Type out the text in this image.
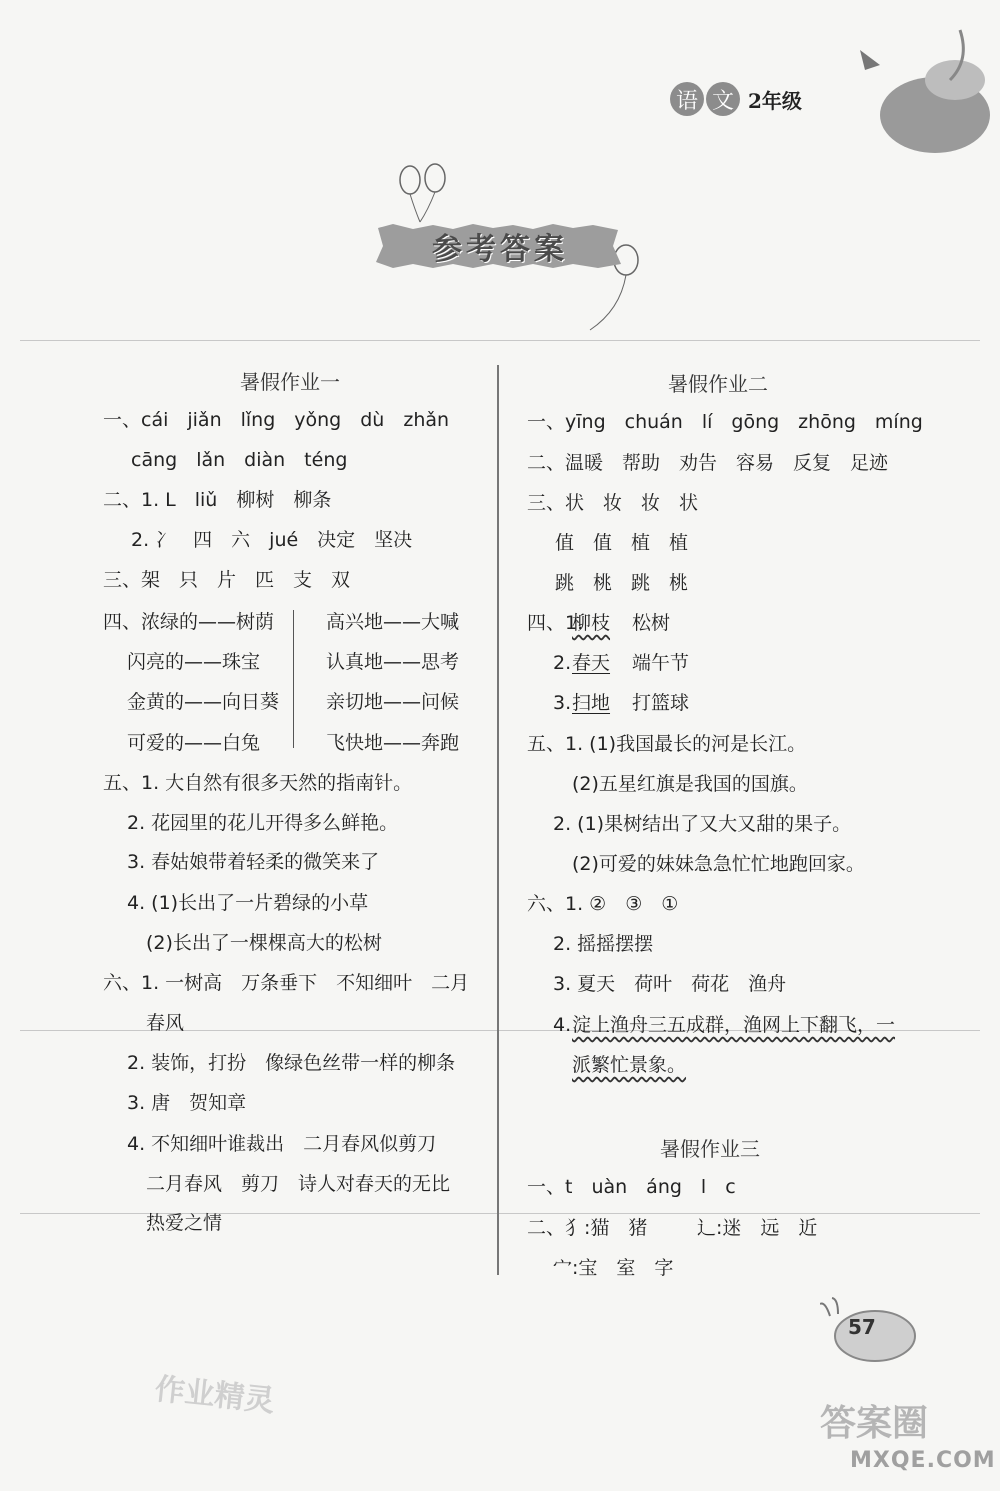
语 文 2年级
参考答案
暑假作业一
一、cái　jiǎn　lǐng　yǒng　dù　zhǎn
cāng　lǎn　diàn　téng
二、1. L　liǔ　柳树　柳条
2. 冫　四　六　jué　决定　坚决
三、架　只　片　匹　支　双
四、浓绿的——树荫
闪亮的——珠宝
金黄的——向日葵
可爱的——白兔
高兴地——大喊
认真地——思考
亲切地——问候
飞快地——奔跑
五、1. 大自然有很多天然的指南针。
2. 花园里的花儿开得多么鲜艳。
3. 春姑娘带着轻柔的微笑来了
4. (1)长出了一片碧绿的小草
(2)长出了一棵棵高大的松树
六、1. 一树高　万条垂下　不知细叶　二月
春风
2. 装饰，打扮　像绿色丝带一样的柳条
3. 唐　贺知章
4. 不知细叶谁裁出　二月春风似剪刀
二月春风　剪刀　诗人对春天的无比
热爱之情
暑假作业二
一、yīng　chuán　lí　gōng　zhōng　míng
二、温暖　帮助　劝告　容易　反复　足迹
三、状　妆　妆　状
值　值　植　植
跳　桃　跳　桃
四、1.
柳枝 松树
2. 春天 端午节
3. 扫地 打篮球
五、1. (1)我国最长的河是长江。
(2)五星红旗是我国的国旗。
2. (1)果树结出了又大又甜的果子。
(2)可爱的妹妹急急忙忙地跑回家。
六、1. ②　③　①
2. 摇摇摆摆
3. 夏天　荷叶　荷花　渔舟
4. 淀上渔舟三五成群，渔网上下翻飞，一
派繁忙景象。
暑假作业三
一、t　uàn　áng　l　c
二、犭:猫　猪	辶:迷　远　近
宀:宝　室　字
57
作业精灵
答案圈
MXQE.COM
